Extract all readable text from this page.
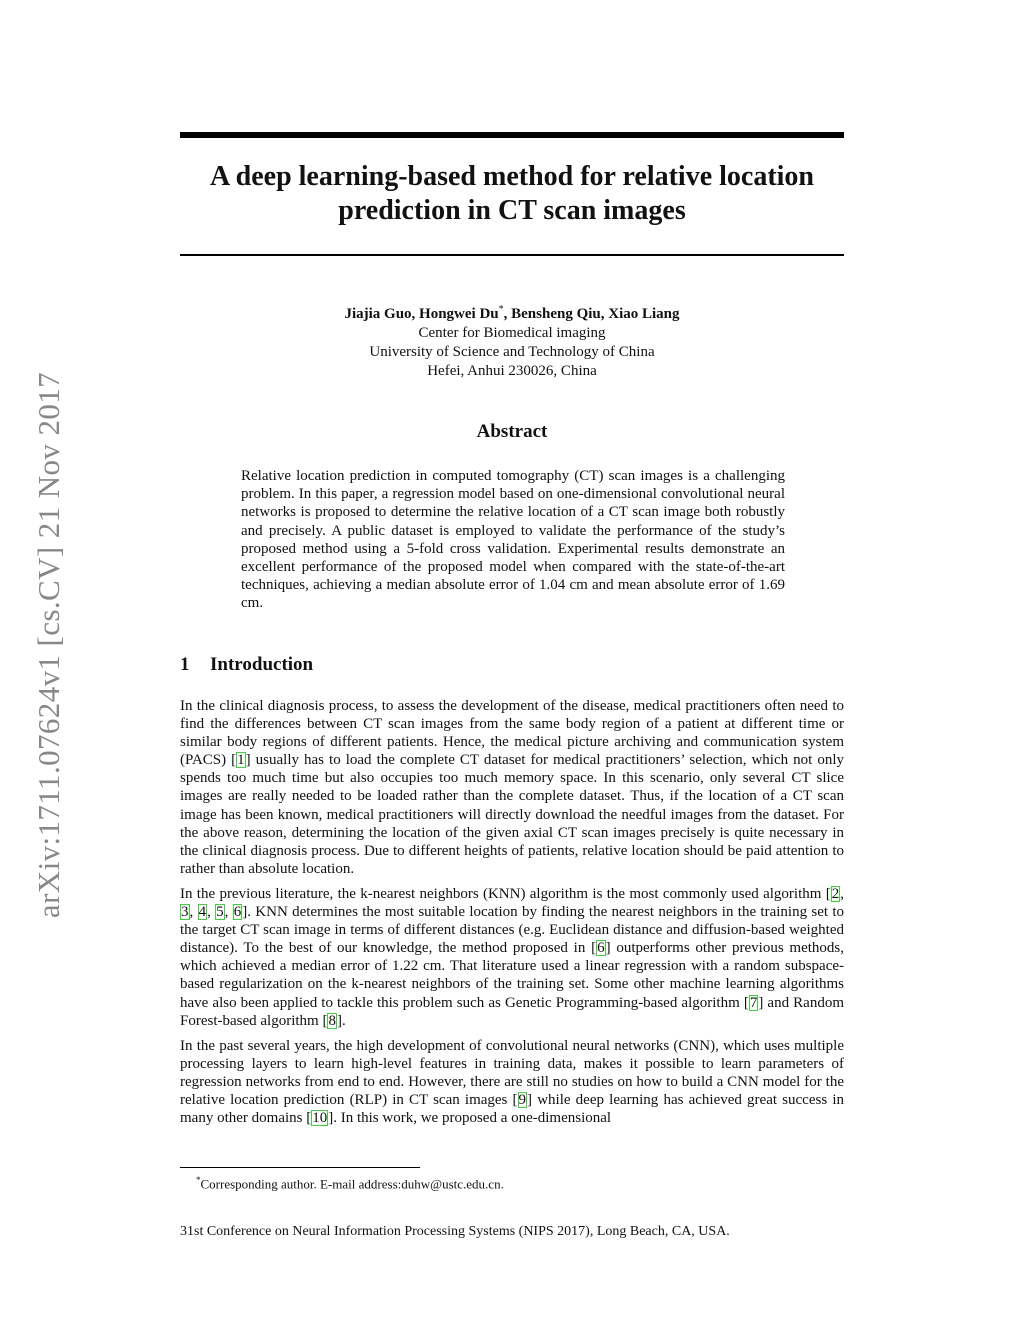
arXiv:1711.07624v1 [cs.CV] 21 Nov 2017
A deep learning-based method for relative location prediction in CT scan images
Jiajia Guo, Hongwei Du*, Bensheng Qiu, Xiao Liang
Center for Biomedical imaging
University of Science and Technology of China
Hefei, Anhui 230026, China
Abstract

Relative location prediction in computed tomography (CT) scan images is a challenging problem. In this paper, a regression model based on one-dimensional convolutional neural networks is proposed to determine the relative location of a CT scan image both robustly and precisely. A public dataset is employed to validate the performance of the study’s proposed method using a 5-fold cross validation. Experimental results demonstrate an excellent performance of the proposed model when compared with the state-of-the-art techniques, achieving a median absolute error of 1.04 cm and mean absolute error of 1.69 cm.

1 Introduction

In the clinical diagnosis process, to assess the development of the disease, medical practitioners often need to find the differences between CT scan images from the same body region of a patient at different time or similar body regions of different patients. Hence, the medical picture archiving and communication system (PACS) [1] usually has to load the complete CT dataset for medical practitioners’ selection, which not only spends too much time but also occupies too much memory space. In this scenario, only several CT slice images are really needed to be loaded rather than the complete dataset. Thus, if the location of a CT scan image has been known, medical practitioners will directly download the needful images from the dataset. For the above reason, determining the location of the given axial CT scan images precisely is quite necessary in the clinical diagnosis process. Due to different heights of patients, relative location should be paid attention to rather than absolute location.

In the previous literature, the k-nearest neighbors (KNN) algorithm is the most commonly used algorithm [2, 3, 4, 5, 6]. KNN determines the most suitable location by finding the nearest neighbors in the training set to the target CT scan image in terms of different distances (e.g. Euclidean distance and diffusion-based weighted distance). To the best of our knowledge, the method proposed in [6] outperforms other previous methods, which achieved a median error of 1.22 cm. That literature used a linear regression with a random subspace-based regularization on the k-nearest neighbors of the training set. Some other machine learning algorithms have also been applied to tackle this problem such as Genetic Programming-based algorithm [7] and Random Forest-based algorithm [8].

In the past several years, the high development of convolutional neural networks (CNN), which uses multiple processing layers to learn high-level features in training data, makes it possible to learn parameters of regression networks from end to end. However, there are still no studies on how to build a CNN model for the relative location prediction (RLP) in CT scan images [9] while deep learning has achieved great success in many other domains [10]. In this work, we proposed a one-dimensional

*Corresponding author. E-mail address:duhw@ustc.edu.cn.
31st Conference on Neural Information Processing Systems (NIPS 2017), Long Beach, CA, USA.
